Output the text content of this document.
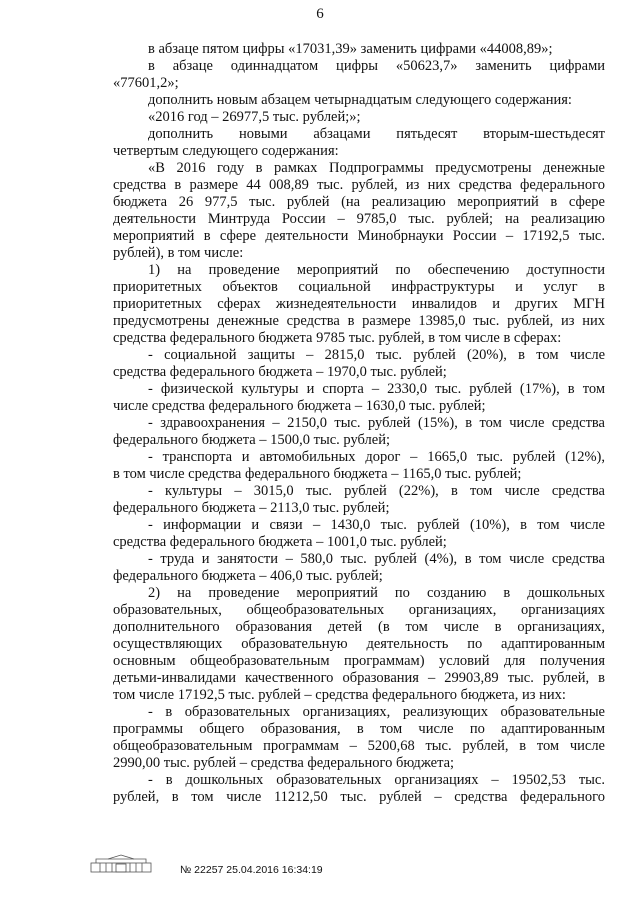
6
в абзаце пятом цифры «17031,39» заменить цифрами «44008,89»;
в абзаце одиннадцатом цифры «50623,7» заменить цифрами
«77601,2»;
дополнить новым абзацем четырнадцатым следующего содержания:
«2016 год – 26977,5 тыс. рублей;»;
дополнить новыми абзацами пятьдесят вторым-шестьдесят
четвертым следующего содержания:
«В 2016 году в рамках Подпрограммы предусмотрены денежные
средства в размере 44 008,89 тыс. рублей, из них средства федерального
бюджета 26 977,5 тыс. рублей (на реализацию мероприятий в сфере
деятельности Минтруда России – 9785,0 тыс. рублей; на реализацию
мероприятий в сфере деятельности Минобрнауки России – 17192,5 тыс.
рублей), в том числе:
1) на проведение мероприятий по обеспечению доступности
приоритетных объектов социальной инфраструктуры и услуг в
приоритетных сферах жизнедеятельности инвалидов и других МГН
предусмотрены денежные средства в размере 13985,0 тыс. рублей, из них
средства федерального бюджета 9785 тыс. рублей, в том числе в сферах:
- социальной защиты – 2815,0 тыс. рублей (20%), в том числе
средства федерального бюджета – 1970,0 тыс. рублей;
- физической культуры и спорта – 2330,0 тыс. рублей (17%), в том
числе средства федерального бюджета – 1630,0 тыс. рублей;
- здравоохранения – 2150,0 тыс. рублей (15%), в том числе средства
федерального бюджета – 1500,0 тыс. рублей;
- транспорта и автомобильных дорог – 1665,0 тыс. рублей (12%),
в том числе средства федерального бюджета – 1165,0 тыс. рублей;
- культуры – 3015,0 тыс. рублей (22%), в том числе средства
федерального бюджета – 2113,0 тыс. рублей;
- информации и связи – 1430,0 тыс. рублей (10%), в том числе
средства федерального бюджета – 1001,0 тыс. рублей;
- труда и занятости – 580,0 тыс. рублей (4%), в том числе средства
федерального бюджета – 406,0 тыс. рублей;
2) на проведение мероприятий по созданию в дошкольных
образовательных, общеобразовательных организациях, организациях
дополнительного образования детей (в том числе в организациях,
осуществляющих образовательную деятельность по адаптированным
основным общеобразовательным программам) условий для получения
детьми-инвалидами качественного образования – 29903,89 тыс. рублей, в
том числе 17192,5 тыс. рублей – средства федерального бюджета, из них:
- в образовательных организациях, реализующих образовательные
программы общего образования, в том числе по адаптированным
общеобразовательным программам – 5200,68 тыс. рублей, в том числе
2990,00 тыс. рублей – средства федерального бюджета;
- в дошкольных образовательных организациях – 19502,53 тыс.
рублей, в том числе 11212,50 тыс. рублей – средства федерального
№ 22257 25.04.2016 16:34:19
